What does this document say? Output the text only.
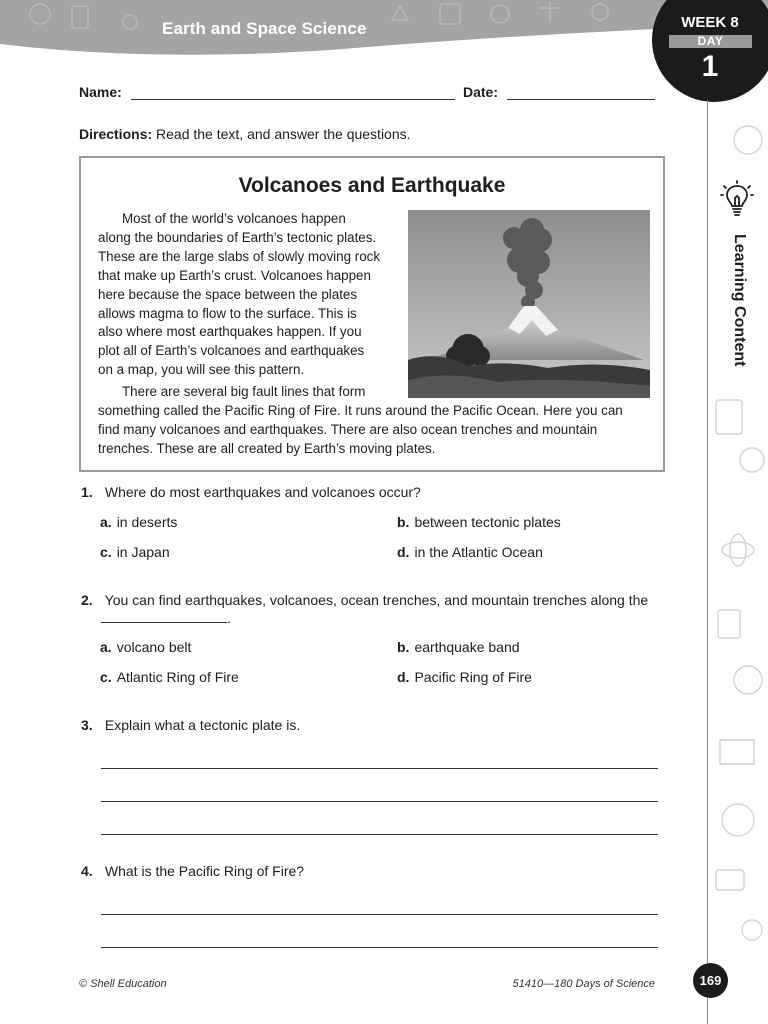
Earth and Space Science	WEEK 8
DAY
1
Learning Content
Name:	Date:
Directions: Read the text, and answer the questions.
Volcanoes and Earthquake
Most of the world’s volcanoes happen
along the boundaries of Earth’s tectonic plates.
These are the large slabs of slowly moving rock
that make up Earth’s crust. Volcanoes happen
here because the space between the plates
allows magma to flow to the surface. This is
also where most earthquakes happen. If you
plot all of Earth’s volcanoes and earthquakes
on a map, you will see this pattern.
There are several big fault lines that form
something called the Pacific Ring of Fire. It runs around the Pacific Ocean. Here you can
find many volcanoes and earthquakes. There are also ocean trenches and mountain
trenches. These are all created by Earth’s moving plates.
1. Where do most earthquakes and volcanoes occur?
a. in deserts	b. between tectonic plates
c. in Japan	d. in the Atlantic Ocean
2. You can find earthquakes, volcanoes, ocean trenches, and mountain trenches along the
.
a. volcano belt	b. earthquake band
c. Atlantic Ring of Fire	d. Pacific Ring of Fire
3. Explain what a tectonic plate is.
4. What is the Pacific Ring of Fire?
© Shell Education	51410—180 Days of Science	169
